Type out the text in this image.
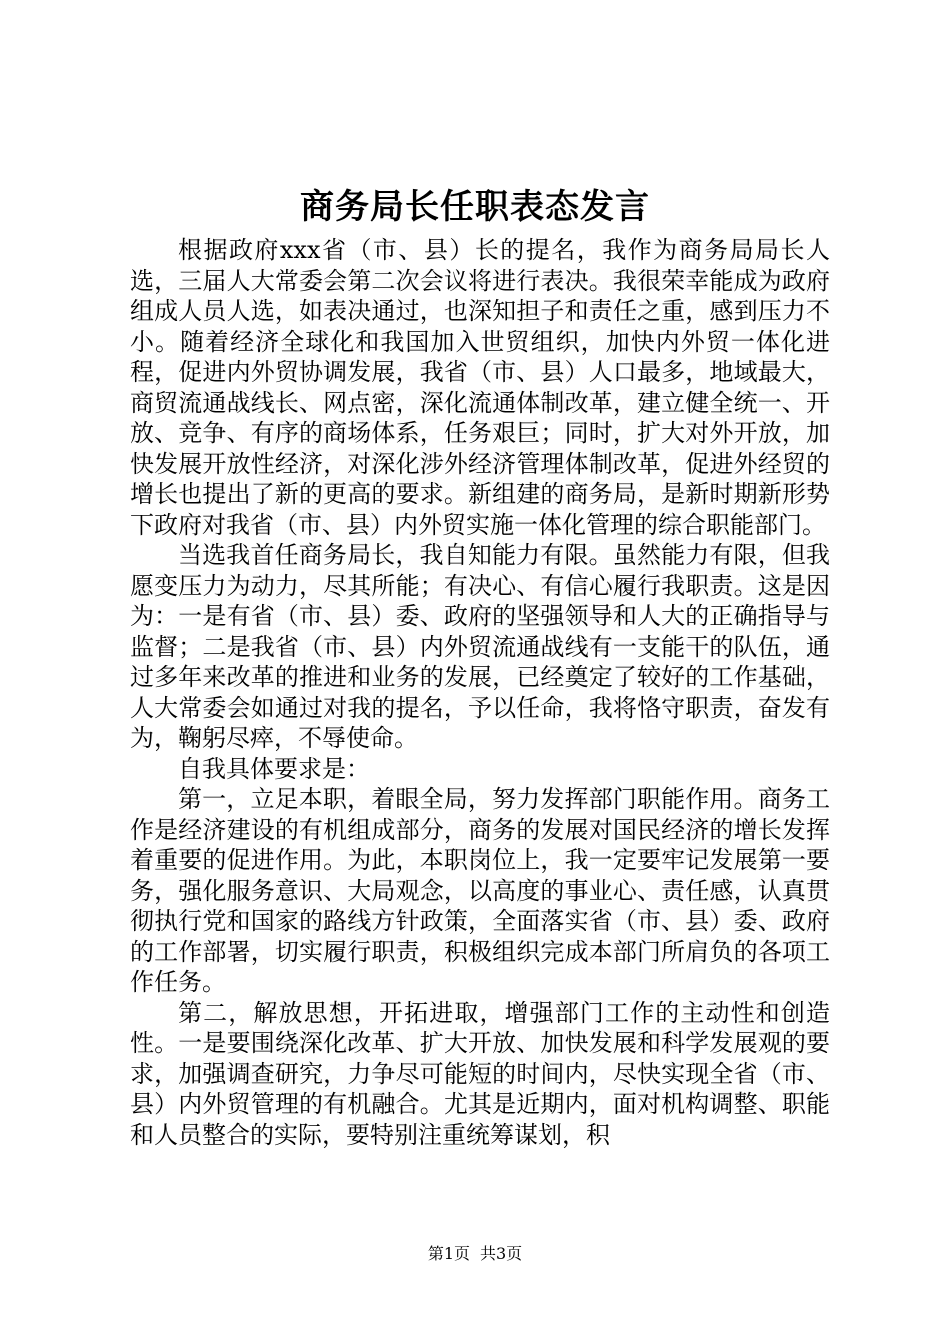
商务局长任职表态发言

根据政府xxx省（市、县）长的提名，我作为商务局局长人选，三届人大常委会第二次会议将进行表决。我很荣幸能成为政府组成人员人选，如表决通过，也深知担子和责任之重，感到压力不小。随着经济全球化和我国加入世贸组织，加快内外贸一体化进程，促进内外贸协调发展，我省（市、县）人口最多，地域最大，商贸流通战线长、网点密，深化流通体制改革，建立健全统一、开放、竞争、有序的商场体系，任务艰巨；同时，扩大对外开放，加快发展开放性经济，对深化涉外经济管理体制改革，促进外经贸的增长也提出了新的更高的要求。新组建的商务局，是新时期新形势下政府对我省（市、县）内外贸实施一体化管理的综合职能部门。

当选我首任商务局长，我自知能力有限。虽然能力有限，但我愿变压力为动力，尽其所能；有决心、有信心履行我职责。这是因为：一是有省（市、县）委、政府的坚强领导和人大的正确指导与监督；二是我省（市、县）内外贸流通战线有一支能干的队伍，通过多年来改革的推进和业务的发展，已经奠定了较好的工作基础，人大常委会如通过对我的提名，予以任命，我将恪守职责，奋发有为，鞠躬尽瘁，不辱使命。

自我具体要求是：

第一，立足本职，着眼全局，努力发挥部门职能作用。商务工作是经济建设的有机组成部分，商务的发展对国民经济的增长发挥着重要的促进作用。为此，本职岗位上，我一定要牢记发展第一要务，强化服务意识、大局观念，以高度的事业心、责任感，认真贯彻执行党和国家的路线方针政策，全面落实省（市、县）委、政府的工作部署，切实履行职责，积极组织完成本部门所肩负的各项工作任务。

第二，解放思想，开拓进取，增强部门工作的主动性和创造性。一是要围绕深化改革、扩大开放、加快发展和科学发展观的要求，加强调查研究，力争尽可能短的时间内，尽快实现全省（市、县）内外贸管理的有机融合。尤其是近期内，面对机构调整、职能和人员整合的实际，要特别注重统筹谋划，积

第1页 共3页
